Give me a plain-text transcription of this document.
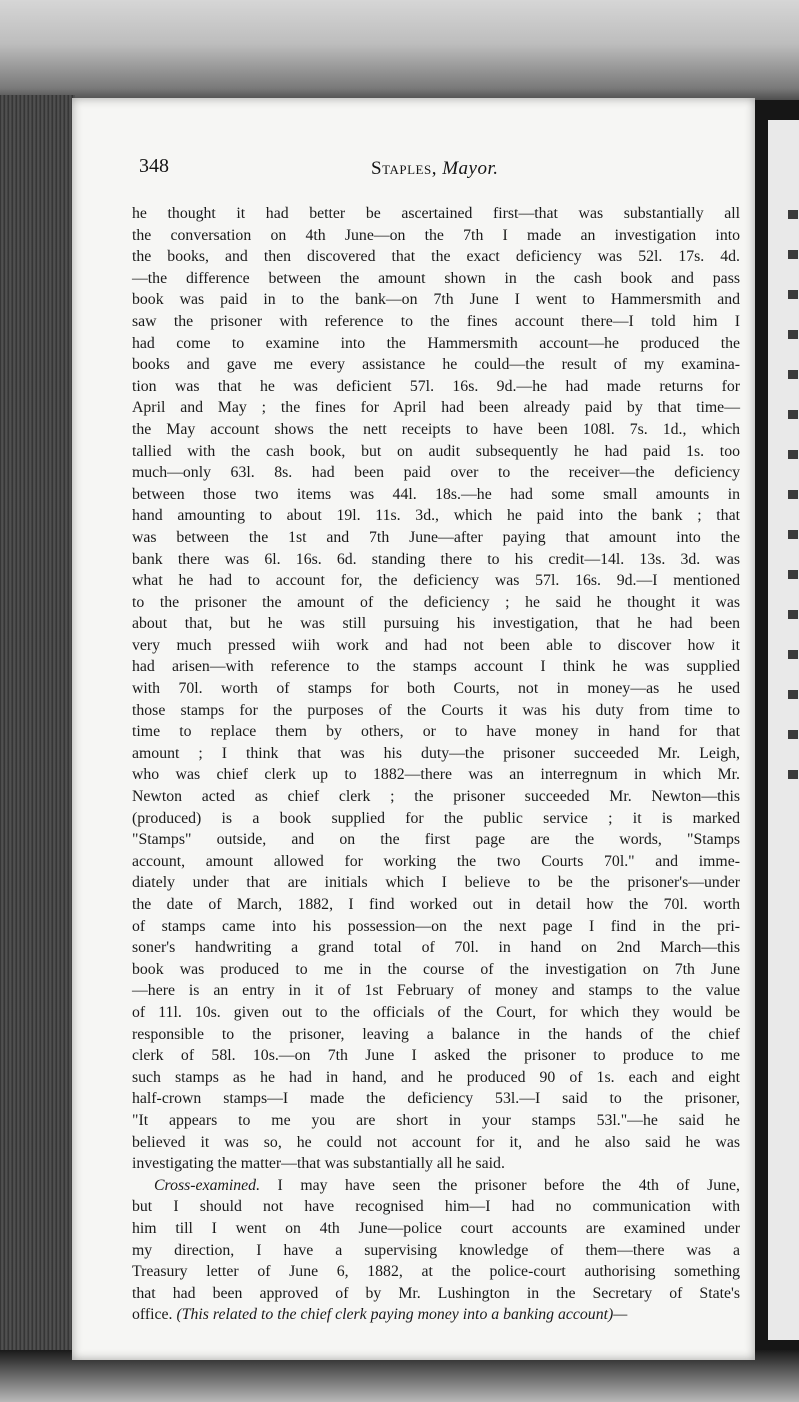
348	Staples, Mayor.
he thought it had better be ascertained first—that was substantially all
the conversation on 4th June—on the 7th I made an investigation into
the books, and then discovered that the exact deficiency was 52l. 17s. 4d.
—the difference between the amount shown in the cash book and pass
book was paid in to the bank—on 7th June I went to Hammersmith and
saw the prisoner with reference to the fines account there—I told him I
had come to examine into the Hammersmith account—he produced the
books and gave me every assistance he could—the result of my examina-
tion was that he was deficient 57l. 16s. 9d.—he had made returns for
April and May ; the fines for April had been already paid by that time—
the May account shows the nett receipts to have been 108l. 7s. 1d., which
tallied with the cash book, but on audit subsequently he had paid 1s. too
much—only 63l. 8s. had been paid over to the receiver—the deficiency
between those two items was 44l. 18s.—he had some small amounts in
hand amounting to about 19l. 11s. 3d., which he paid into the bank ; that
was between the 1st and 7th June—after paying that amount into the
bank there was 6l. 16s. 6d. standing there to his credit—14l. 13s. 3d. was
what he had to account for, the deficiency was 57l. 16s. 9d.—I mentioned
to the prisoner the amount of the deficiency ; he said he thought it was
about that, but he was still pursuing his investigation, that he had been
very much pressed wiih work and had not been able to discover how it
had arisen—with reference to the stamps account I think he was supplied
with 70l. worth of stamps for both Courts, not in money—as he used
those stamps for the purposes of the Courts it was his duty from time to
time to replace them by others, or to have money in hand for that
amount ; I think that was his duty—the prisoner succeeded Mr. Leigh,
who was chief clerk up to 1882—there was an interregnum in which Mr.
Newton acted as chief clerk ; the prisoner succeeded Mr. Newton—this
(produced) is a book supplied for the public service ; it is marked
"Stamps" outside, and on the first page are the words, "Stamps
account, amount allowed for working the two Courts 70l." and imme-
diately under that are initials which I believe to be the prisoner's—under
the date of March, 1882, I find worked out in detail how the 70l. worth
of stamps came into his possession—on the next page I find in the pri-
soner's handwriting a grand total of 70l. in hand on 2nd March—this
book was produced to me in the course of the investigation on 7th June
—here is an entry in it of 1st February of money and stamps to the value
of 11l. 10s. given out to the officials of the Court, for which they would be
responsible to the prisoner, leaving a balance in the hands of the chief
clerk of 58l. 10s.—on 7th June I asked the prisoner to produce to me
such stamps as he had in hand, and he produced 90 of 1s. each and eight
half-crown stamps—I made the deficiency 53l.—I said to the prisoner,
"It appears to me you are short in your stamps 53l."—he said he
believed it was so, he could not account for it, and he also said he was
investigating the matter—that was substantially all he said.
Cross-examined. I may have seen the prisoner before the 4th of June,
but I should not have recognised him—I had no communication with
him till I went on 4th June—police court accounts are examined under
my direction, I have a supervising knowledge of them—there was a
Treasury letter of June 6, 1882, at the police-court authorising something
that had been approved of by Mr. Lushington in the Secretary of State's
office. (This related to the chief clerk paying money into a banking account)—
